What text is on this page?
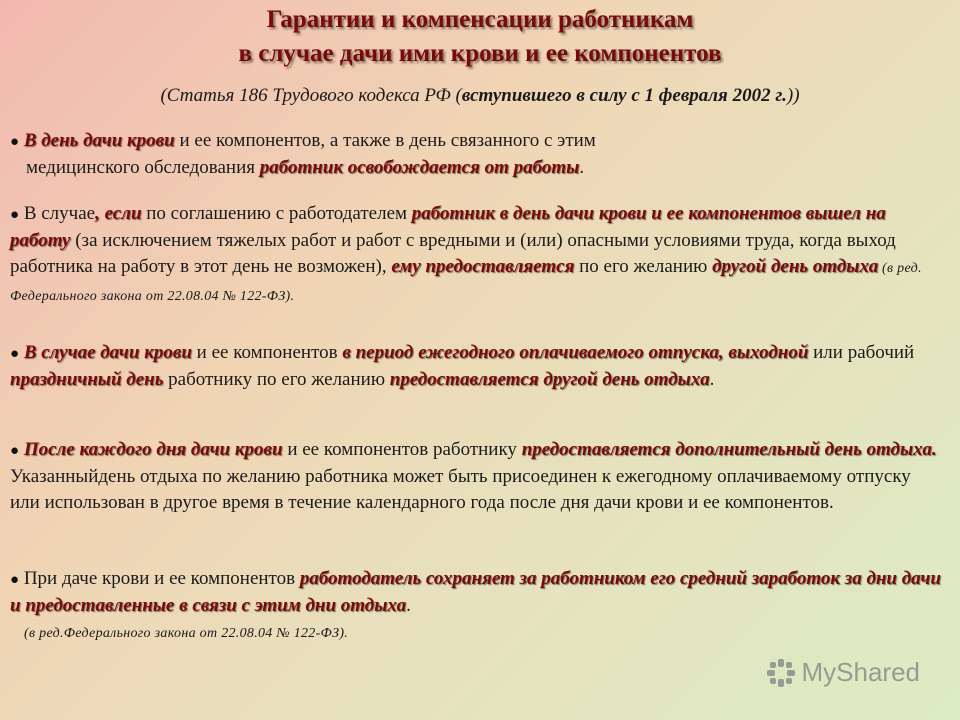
Гарантии и компенсации работникам
в случае дачи ими крови и ее компонентов
(Статья 186 Трудового кодекса РФ (вступившего в силу с 1 февраля 2002 г.))
● В день дачи крови и ее компонентов, а также в день связанного с этим
медицинского обследования работник освобождается от работы.
● В случае, если по соглашению с работодателем работник в день дачи крови и ее компонентов вышел на работу (за исключением тяжелых работ и работ с вредными и (или) опасными условиями труда, когда выход работника на работу в этот день не возможен), ему предоставляется по его желанию другой день отдыха (в ред. Федерального закона от 22.08.04 № 122-ФЗ).
● В случае дачи крови и ее компонентов в период ежегодного оплачиваемого отпуска, выходной или рабочий праздничный день работнику по его желанию предоставляется другой день отдыха.
● После каждого дня дачи крови и ее компонентов работнику предоставляется дополнительный день отдыха. Указанныйдень отдыха по желанию работника может быть присоединен к ежегодному оплачиваемому отпуску или использован в другое время в течение календарного года после дня дачи крови и ее компонентов.
● При даче крови и ее компонентов работодатель сохраняет за работником его средний заработок за дни дачи и предоставленные в связи с этим дни отдыха.
(в ред.Федерального закона от 22.08.04 № 122-ФЗ).
MyShared
